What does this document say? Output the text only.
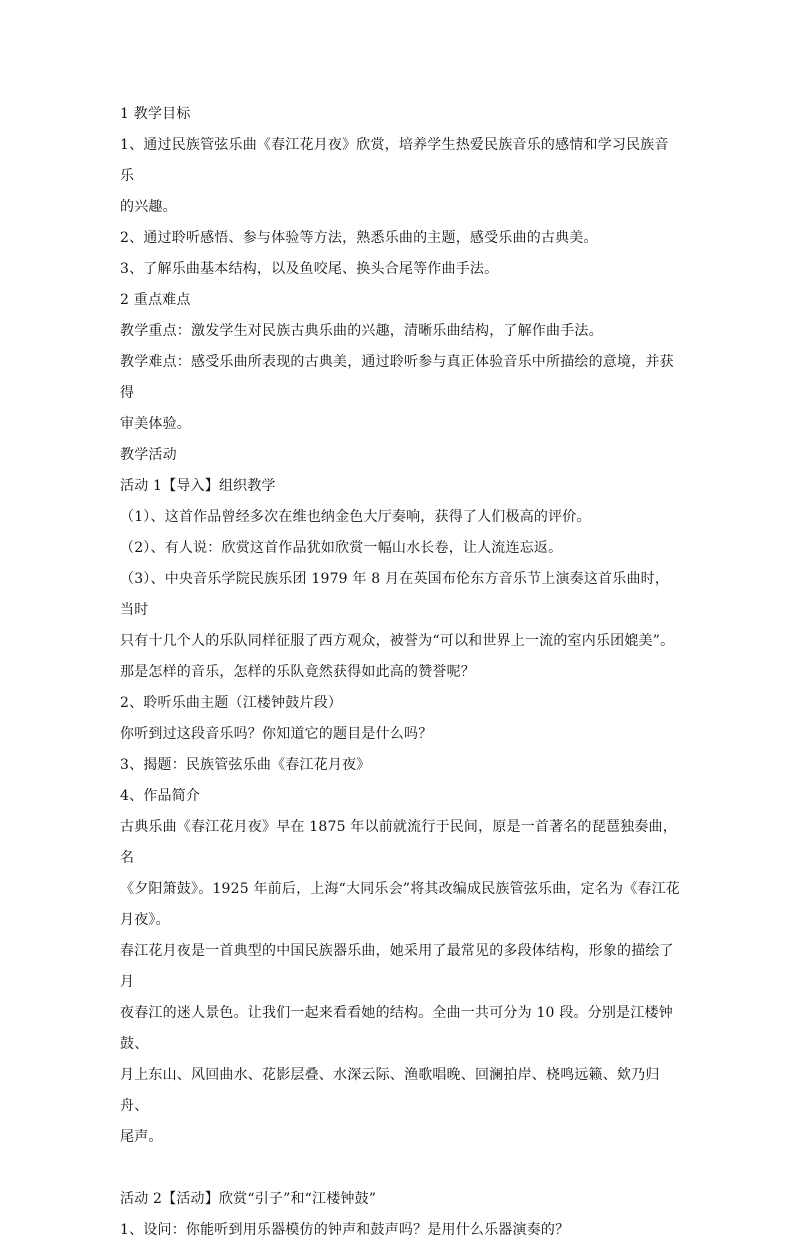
1 教学目标

1、通过民族管弦乐曲《春江花月夜》欣赏，培养学生热爱民族音乐的感情和学习民族音乐

的兴趣。

2、通过聆听感悟、参与体验等方法，熟悉乐曲的主题，感受乐曲的古典美。

3、了解乐曲基本结构，以及鱼咬尾、换头合尾等作曲手法。

2 重点难点

教学重点：激发学生对民族古典乐曲的兴趣，清晰乐曲结构，了解作曲手法。

教学难点：感受乐曲所表现的古典美，通过聆听参与真正体验音乐中所描绘的意境，并获得

审美体验。

教学活动

活动 1【导入】组织教学

（1）、这首作品曾经多次在维也纳金色大厅奏响，获得了人们极高的评价。

（2）、有人说：欣赏这首作品犹如欣赏一幅山水长卷，让人流连忘返。

（3）、中央音乐学院民族乐团 1979 年 8 月在英国布伦东方音乐节上演奏这首乐曲时，当时

只有十几个人的乐队同样征服了西方观众，被誉为“可以和世界上一流的室内乐团媲美”。

那是怎样的音乐，怎样的乐队竟然获得如此高的赞誉呢？

2、聆听乐曲主题（江楼钟鼓片段）

你听到过这段音乐吗？你知道它的题目是什么吗？

3、揭题：民族管弦乐曲《春江花月夜》

4、作品简介

古典乐曲《春江花月夜》早在 1875 年以前就流行于民间，原是一首著名的琵琶独奏曲，名

《夕阳箫鼓》。1925 年前后，上海“大同乐会”将其改编成民族管弦乐曲，定名为《春江花

月夜》。

春江花月夜是一首典型的中国民族器乐曲，她采用了最常见的多段体结构，形象的描绘了月

夜春江的迷人景色。让我们一起来看看她的结构。全曲一共可分为 10 段。分别是江楼钟鼓、

月上东山、风回曲水、花影层叠、水深云际、渔歌唱晚、回澜拍岸、桡鸣远籁、欸乃归舟、

尾声。

活动 2【活动】欣赏“引子”和“江楼钟鼓”

1、设问：你能听到用乐器模仿的钟声和鼓声吗？是用什么乐器演奏的？
